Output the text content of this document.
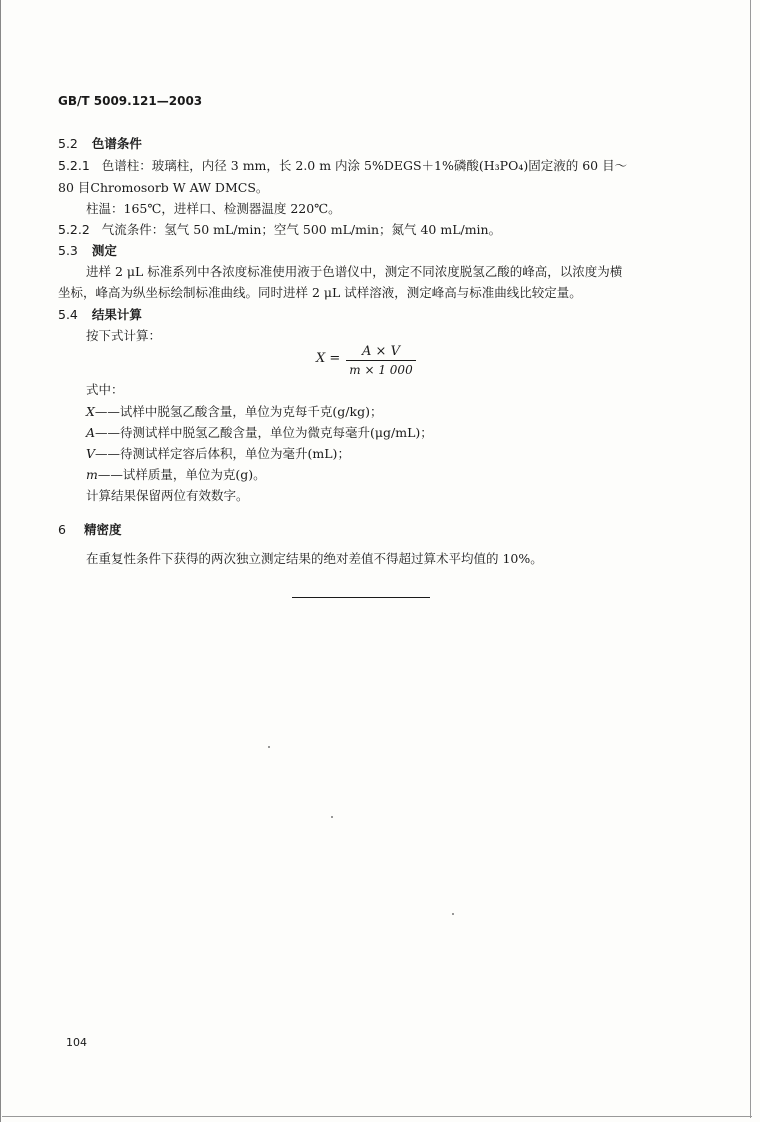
GB/T 5009.121—2003
5.2 色谱条件
5.2.1 色谱柱：玻璃柱，内径 3 mm，长 2.0 m 内涂 5%DEGS＋1%磷酸(H₃PO₄)固定液的 60 目～
80 目Chromosorb W AW DMCS。
柱温：165℃，进样口、检测器温度 220℃。
5.2.2 气流条件：氢气 50 mL/min；空气 500 mL/min；氮气 40 mL/min。
5.3 测定
进样 2 μL 标准系列中各浓度标准使用液于色谱仪中，测定不同浓度脱氢乙酸的峰高，以浓度为横
坐标，峰高为纵坐标绘制标准曲线。同时进样 2 μL 试样溶液，测定峰高与标准曲线比较定量。
5.4 结果计算
按下式计算：
X =	A × V
m × 1 000
式中：
X——试样中脱氢乙酸含量，单位为克每千克(g/kg)；
A——待测试样中脱氢乙酸含量，单位为微克每毫升(μg/mL)；
V——待测试样定容后体积，单位为毫升(mL)；
m——试样质量，单位为克(g)。
计算结果保留两位有效数字。
6 精密度
在重复性条件下获得的两次独立测定结果的绝对差值不得超过算术平均值的 10%。
104
